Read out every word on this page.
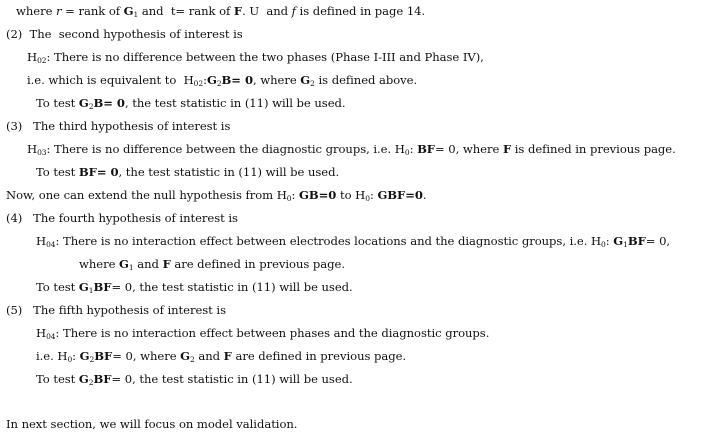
where r = rank of $G_1$ and  t= rank of F. U  and f is defined in page 14.
(2)  The  second hypothesis of interest is
$H_{02}$: There is no difference between the two phases (Phase I-III and Phase IV),
i.e. which is equivalent to  $H_{02}:G_2B= 0$, where $G_2$ is defined above.
To test $G_2B= 0$, the test statistic in (11) will be used.
(3)   The third hypothesis of interest is
$H_{03}$: There is no difference between the diagnostic groups, i.e. $H_0$: BF= 0, where F is defined in previous page.
To test BF= 0, the test statistic in (11) will be used.
Now, one can extend the null hypothesis from $H_0$: GB=0 to $H_0$: GBF=0.
(4)   The fourth hypothesis of interest is
$H_{04}$: There is no interaction effect between electrodes locations and the diagnostic groups, i.e. $H_0$: $G_1BF= 0$,
where $G_1$ and F are defined in previous page.
To test $G_1BF= 0$, the test statistic in (11) will be used.
(5)   The fifth hypothesis of interest is
$H_{04}$: There is no interaction effect between phases and the diagnostic groups.
i.e. $H_0$: $G_2BF= 0$, where $G_2$ and F are defined in previous page.
To test $G_2BF= 0$, the test statistic in (11) will be used.
In next section, we will focus on model validation.
